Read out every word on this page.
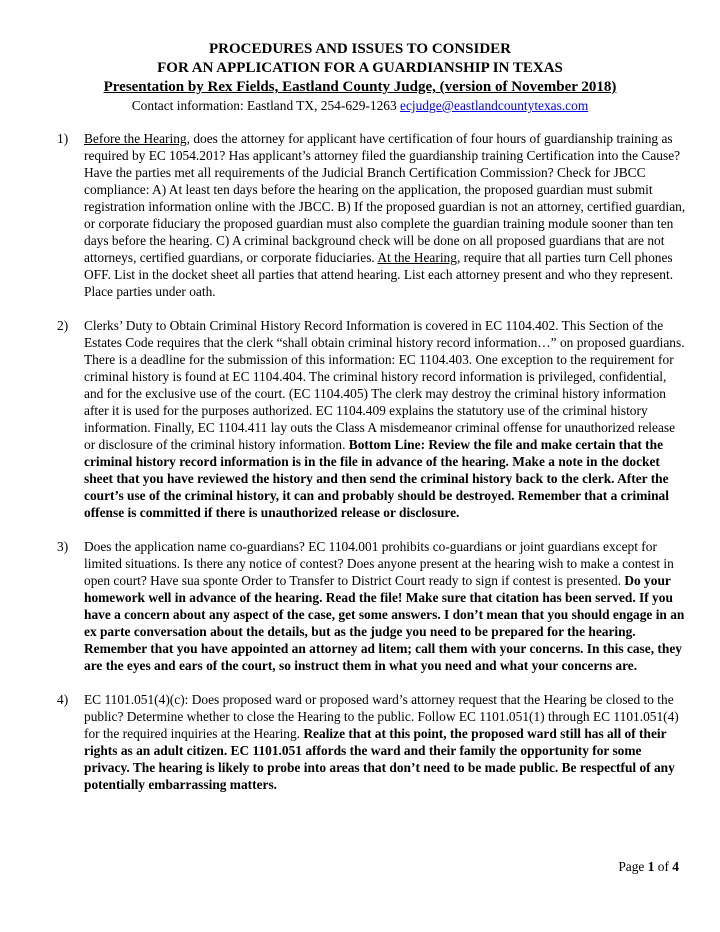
PROCEDURES AND ISSUES TO CONSIDER
FOR AN APPLICATION FOR A GUARDIANSHIP IN TEXAS
Presentation by Rex Fields, Eastland County Judge, (version of November 2018)
Contact information: Eastland TX, 254-629-1263 ecjudge@eastlandcountytexas.com
1) Before the Hearing, does the attorney for applicant have certification of four hours of guardianship training as required by EC 1054.201? Has applicant’s attorney filed the guardianship training Certification into the Cause? Have the parties met all requirements of the Judicial Branch Certification Commission? Check for JBCC compliance: A) At least ten days before the hearing on the application, the proposed guardian must submit registration information online with the JBCC. B) If the proposed guardian is not an attorney, certified guardian, or corporate fiduciary the proposed guardian must also complete the guardian training module sooner than ten days before the hearing. C) A criminal background check will be done on all proposed guardians that are not attorneys, certified guardians, or corporate fiduciaries. At the Hearing, require that all parties turn Cell phones OFF. List in the docket sheet all parties that attend hearing. List each attorney present and who they represent. Place parties under oath.
2) Clerks’ Duty to Obtain Criminal History Record Information is covered in EC 1104.402. This Section of the Estates Code requires that the clerk “shall obtain criminal history record information…” on proposed guardians. There is a deadline for the submission of this information: EC 1104.403. One exception to the requirement for criminal history is found at EC 1104.404. The criminal history record information is privileged, confidential, and for the exclusive use of the court. (EC 1104.405) The clerk may destroy the criminal history information after it is used for the purposes authorized. EC 1104.409 explains the statutory use of the criminal history information. Finally, EC 1104.411 lay outs the Class A misdemeanor criminal offense for unauthorized release or disclosure of the criminal history information. Bottom Line: Review the file and make certain that the criminal history record information is in the file in advance of the hearing. Make a note in the docket sheet that you have reviewed the history and then send the criminal history back to the clerk. After the court’s use of the criminal history, it can and probably should be destroyed. Remember that a criminal offense is committed if there is unauthorized release or disclosure.
3) Does the application name co-guardians? EC 1104.001 prohibits co-guardians or joint guardians except for limited situations. Is there any notice of contest? Does anyone present at the hearing wish to make a contest in open court? Have sua sponte Order to Transfer to District Court ready to sign if contest is presented. Do your homework well in advance of the hearing. Read the file! Make sure that citation has been served. If you have a concern about any aspect of the case, get some answers. I don’t mean that you should engage in an ex parte conversation about the details, but as the judge you need to be prepared for the hearing. Remember that you have appointed an attorney ad litem; call them with your concerns. In this case, they are the eyes and ears of the court, so instruct them in what you need and what your concerns are.
4) EC 1101.051(4)(c): Does proposed ward or proposed ward’s attorney request that the Hearing be closed to the public? Determine whether to close the Hearing to the public. Follow EC 1101.051(1) through EC 1101.051(4) for the required inquiries at the Hearing. Realize that at this point, the proposed ward still has all of their rights as an adult citizen. EC 1101.051 affords the ward and their family the opportunity for some privacy. The hearing is likely to probe into areas that don’t need to be made public. Be respectful of any potentially embarrassing matters.
Page 1 of 4
